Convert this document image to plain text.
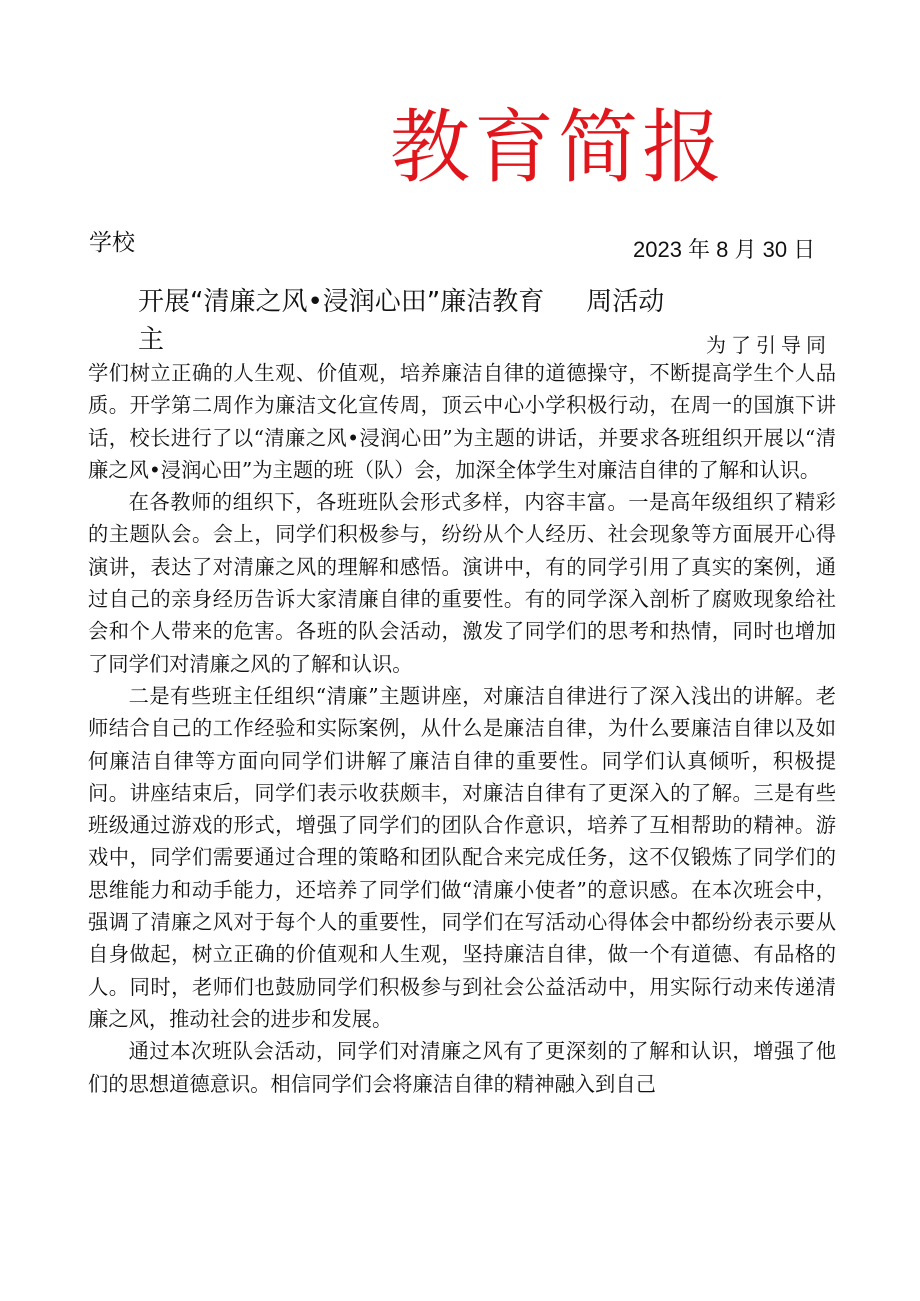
教育简报
学校	2023 年 8 月 30 日
开展“清廉之风•浸润心田”廉洁教育 周活动
主	为了引导同

学们树立正确的人生观、价值观，培养廉洁自律的道德操守，不断提高学生个人品质。开学第二周作为廉洁文化宣传周，顶云中心小学积极行动，在周一的国旗下讲话，校长进行了以“清廉之风•浸润心田”为主题的讲话，并要求各班组织开展以“清廉之风•浸润心田”为主题的班（队）会，加深全体学生对廉洁自律的了解和认识。

在各教师的组织下，各班班队会形式多样，内容丰富。一是高年级组织了精彩的主题队会。会上，同学们积极参与，纷纷从个人经历、社会现象等方面展开心得演讲，表达了对清廉之风的理解和感悟。演讲中，有的同学引用了真实的案例，通过自己的亲身经历告诉大家清廉自律的重要性。有的同学深入剖析了腐败现象给社会和个人带来的危害。各班的队会活动，激发了同学们的思考和热情，同时也增加了同学们对清廉之风的了解和认识。

二是有些班主任组织“清廉”主题讲座，对廉洁自律进行了深入浅出的讲解。老师结合自己的工作经验和实际案例，从什么是廉洁自律，为什么要廉洁自律以及如何廉洁自律等方面向同学们讲解了廉洁自律的重要性。同学们认真倾听，积极提问。讲座结束后，同学们表示收获颇丰，对廉洁自律有了更深入的了解。三是有些班级通过游戏的形式，增强了同学们的团队合作意识，培养了互相帮助的精神。游戏中，同学们需要通过合理的策略和团队配合来完成任务，这不仅锻炼了同学们的思维能力和动手能力，还培养了同学们做“清廉小使者”的意识感。在本次班会中，强调了清廉之风对于每个人的重要性，同学们在写活动心得体会中都纷纷表示要从自身做起，树立正确的价值观和人生观，坚持廉洁自律，做一个有道德、有品格的人。同时，老师们也鼓励同学们积极参与到社会公益活动中，用实际行动来传递清廉之风，推动社会的进步和发展。

通过本次班队会活动，同学们对清廉之风有了更深刻的了解和认识，增强了他们的思想道德意识。相信同学们会将廉洁自律的精神融入到自己
